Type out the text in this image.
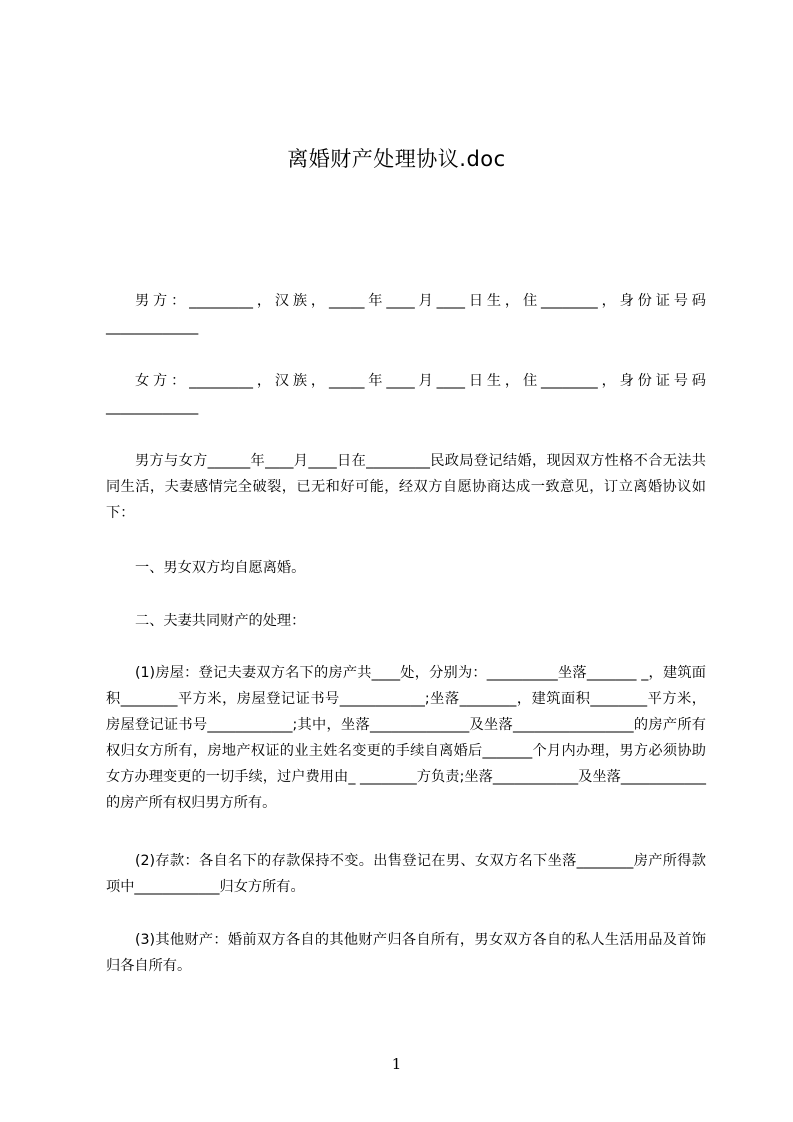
离婚财产处理协议.doc

男方：_________，汉族，_____年____月____日生，住________，身份证号码_____________

女方：_________，汉族，_____年____月____日生，住________，身份证号码_____________

男方与女方______年____月____日在_________民政局登记结婚，现因双方性格不合无法共同生活，夫妻感情完全破裂，已无和好可能，经双方自愿协商达成一致意见，订立离婚协议如下：

一、男女双方均自愿离婚。

二、夫妻共同财产的处理：

(1)房屋：登记夫妻双方名下的房产共____处，分别为：__________坐落_______ _，建筑面积________平方米，房屋登记证书号____________;坐落________，建筑面积________平方米，房屋登记证书号____________;其中，坐落______________及坐落_________________的房产所有权归女方所有，房地产权证的业主姓名变更的手续自离婚后_______个月内办理，男方必须协助女方办理变更的一切手续，过户费用由_ ________方负责;坐落____________及坐落____________的房产所有权归男方所有。

(2)存款：各自名下的存款保持不变。出售登记在男、女双方名下坐落________房产所得款项中____________归女方所有。

(3)其他财产：婚前双方各自的其他财产归各自所有，男女双方各自的私人生活用品及首饰归各自所有。

1
